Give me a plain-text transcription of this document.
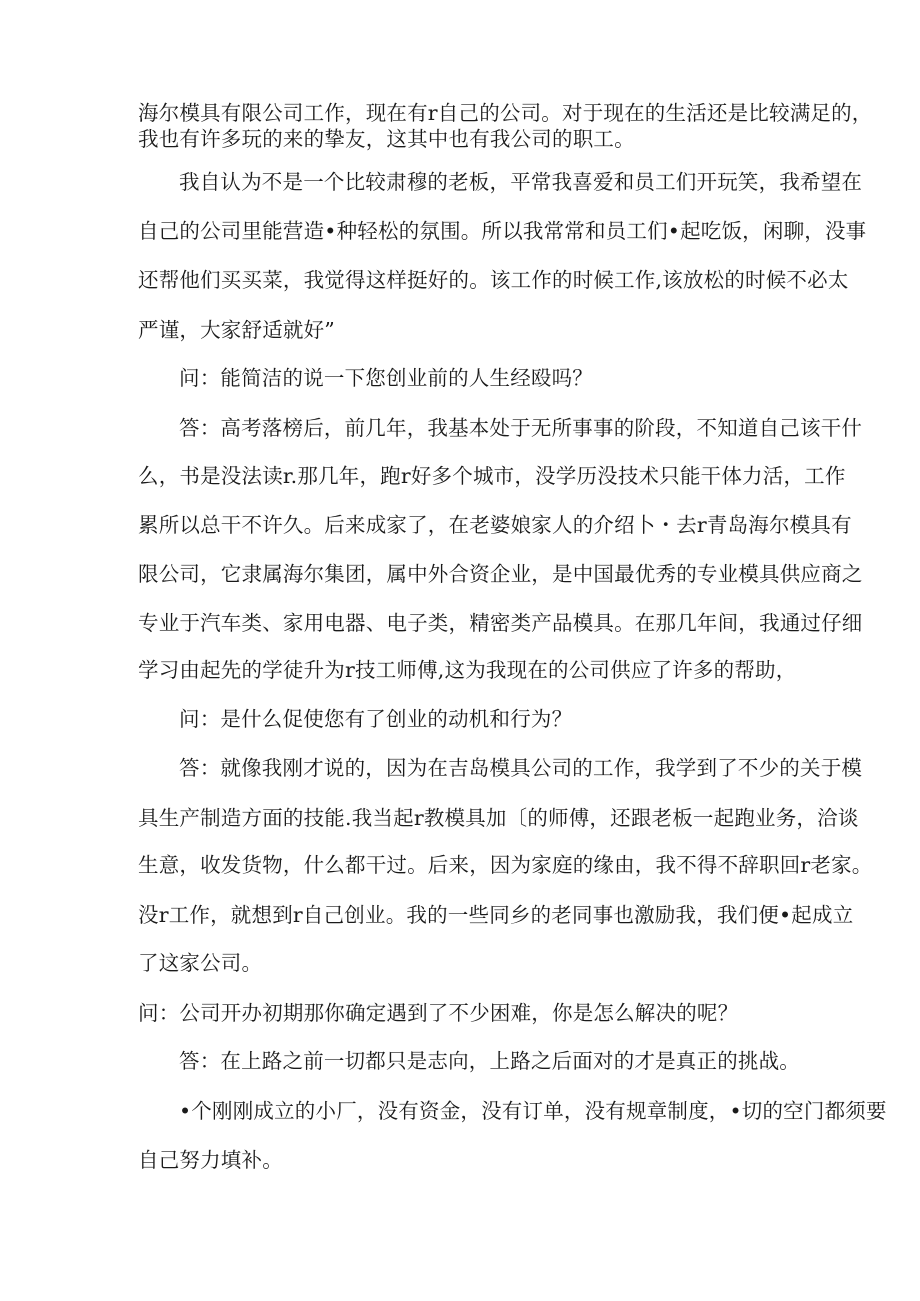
海尔模具有限公司工作，现在有r自己的公司。对于现在的生活还是比较满足的，
我也有许多玩的来的挚友，这其中也有我公司的职工。
我自认为不是一个比较肃穆的老板，平常我喜爱和员工们开玩笑，我希望在
自己的公司里能营造•种轻松的氛围。所以我常常和员工们•起吃饭，闲聊，没事
还帮他们买买菜，我觉得这样挺好的。该工作的时候工作,该放松的时候不必太
严谨，大家舒适就好”
问：能简洁的说一下您创业前的人生经殴吗？
答：高考落榜后，前几年，我基本处于无所事事的阶段，不知道自己该干什
么，书是没法读r.那几年，跑r好多个城市，没学历没技术只能干体力活，工作
累所以总干不许久。后来成家了，在老婆娘家人的介绍卜・去r青岛海尔模具有
限公司，它隶属海尔集团，属中外合资企业，是中国最优秀的专业模具供应商之
专业于汽车类、家用电器、电子类，精密类产品模具。在那几年间，我通过仔细
学习由起先的学徒升为r技工师傅,这为我现在的公司供应了许多的帮助，
问：是什么促使您有了创业的动机和行为？
答：就像我刚才说的，因为在吉岛模具公司的工作，我学到了不少的关于模
具生产制造方面的技能.我当起r教模具加〔的师傅，还跟老板一起跑业务，洽谈
生意，收发货物，什么都干过。后来，因为家庭的缘由，我不得不辞职回r老家。
没r工作，就想到r自己创业。我的一些同乡的老同事也激励我，我们便•起成立
了这家公司。
问：公司开办初期那你确定遇到了不少困难，你是怎么解决的呢？
答：在上路之前一切都只是志向，上路之后面对的才是真正的挑战。
•个刚刚成立的小厂，没有资金，没有订单，没有规章制度，•切的空门都须要
自己努力填补。
